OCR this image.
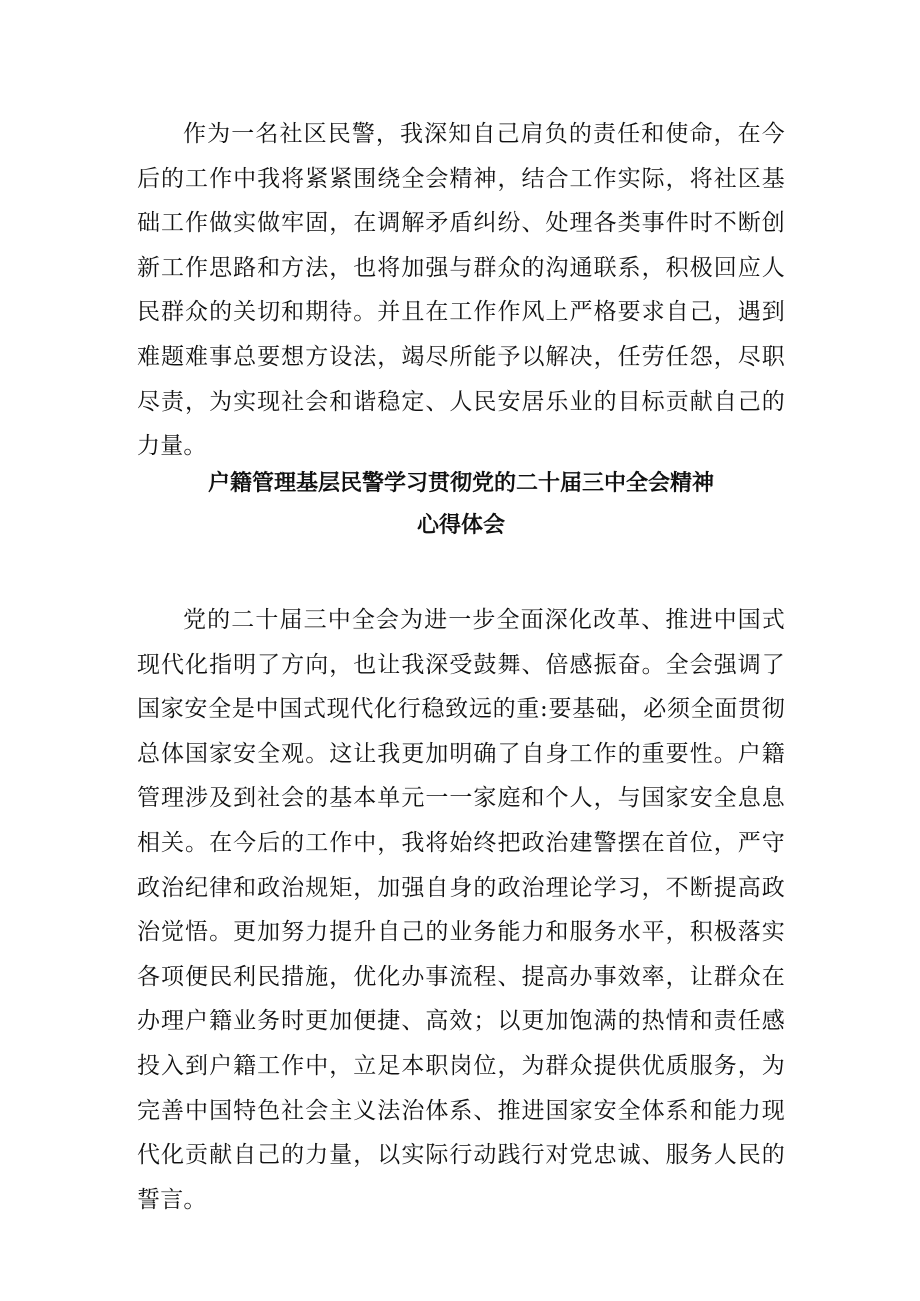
作为一名社区民警，我深知自己肩负的责任和使命，在今后的工作中我将紧紧围绕全会精神，结合工作实际，将社区基础工作做实做牢固，在调解矛盾纠纷、处理各类事件时不断创新工作思路和方法，也将加强与群众的沟通联系，积极回应人民群众的关切和期待。并且在工作作风上严格要求自己，遇到难题难事总要想方设法，竭尽所能予以解决，任劳任怨，尽职尽责，为实现社会和谐稳定、人民安居乐业的目标贡献自己的力量。

户籍管理基层民警学习贯彻党的二十届三中全会精神
心得体会

党的二十届三中全会为进一步全面深化改革、推进中国式现代化指明了方向，也让我深受鼓舞、倍感振奋。全会强调了国家安全是中国式现代化行稳致远的重:要基础，必须全面贯彻总体国家安全观。这让我更加明确了自身工作的重要性。户籍管理涉及到社会的基本单元一一家庭和个人，与国家安全息息相关。在今后的工作中，我将始终把政治建警摆在首位，严守政治纪律和政治规矩，加强自身的政治理论学习，不断提高政治觉悟。更加努力提升自己的业务能力和服务水平，积极落实各项便民利民措施，优化办事流程、提高办事效率，让群众在办理户籍业务时更加便捷、高效；以更加饱满的热情和责任感投入到户籍工作中，立足本职岗位，为群众提供优质服务，为完善中国特色社会主义法治体系、推进国家安全体系和能力现代化贡献自己的力量，以实际行动践行对党忠诚、服务人民的誓言。
